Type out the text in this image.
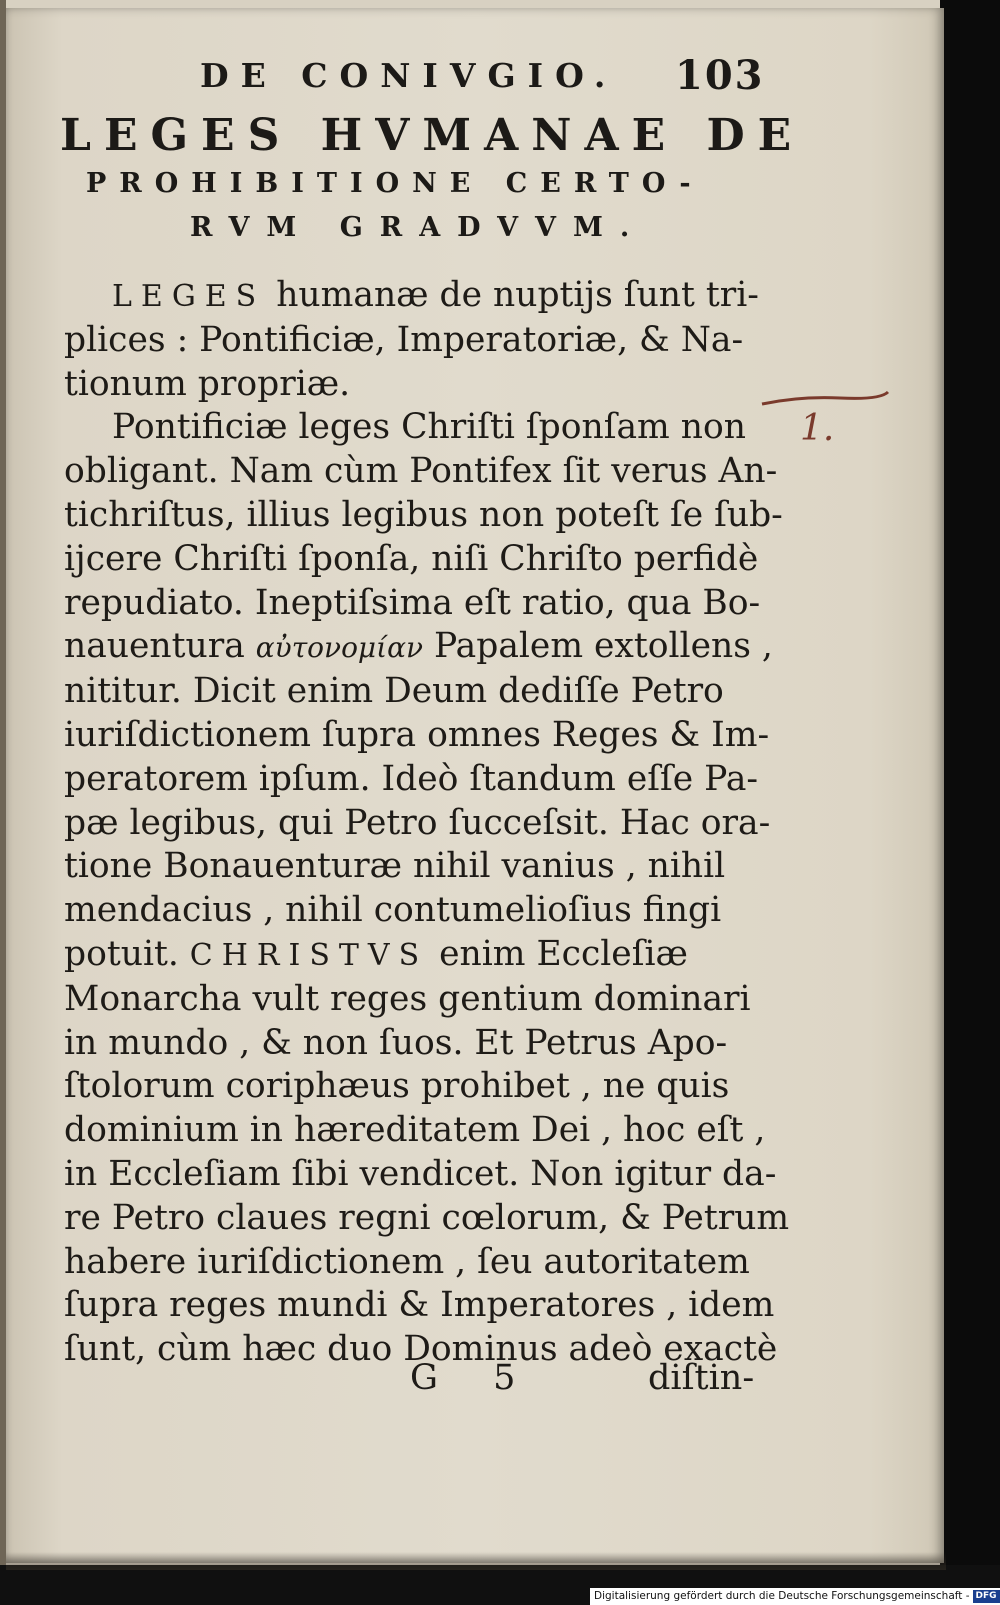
DE CONIVGIO.	103
LEGES HVMANAE DE
PROHIBITIONE CERTO-
RVM GRADVVM.
LEGES humanæ de nuptijs ſunt tri-
plices : Pontificiæ, Imperatoriæ, & Na-
tionum propriæ.
Pontificiæ leges Chriſti ſponſam non
obligant. Nam cùm Pontifex ſit verus An-
tichriſtus, illius legibus non poteſt ſe ſub-
ijcere Chriſti ſponſa, niſi Chriſto perfidè
repudiato. Ineptiſsima eſt ratio, qua Bo-
nauentura αὐτονομίαν Papalem extollens ,
nititur. Dicit enim Deum dediſſe Petro
iuriſdictionem ſupra omnes Reges & Im-
peratorem ipſum. Ideò ſtandum eſſe Pa-
pæ legibus, qui Petro ſucceſsit. Hac ora-
tione Bonauenturæ nihil vanius , nihil
mendacius , nihil contumelioſius fingi
potuit. CHRISTVS enim Eccleſiæ
Monarcha vult reges gentium dominari
in mundo , & non ſuos. Et Petrus Apo-
ſtolorum coriphæus prohibet , ne quis
dominium in hæreditatem Dei , hoc eſt ,
in Eccleſiam ſibi vendicet. Non igitur da-
re Petro claues regni cœlorum, & Petrum
habere iuriſdictionem , ſeu autoritatem
ſupra reges mundi & Imperatores , idem
ſunt, cùm hæc duo Dominus adeò exactè
G 5	diſtin-
1.
Digitalisierung gefördert durch die Deutsche Forschungsgemeinschaft - DFG
